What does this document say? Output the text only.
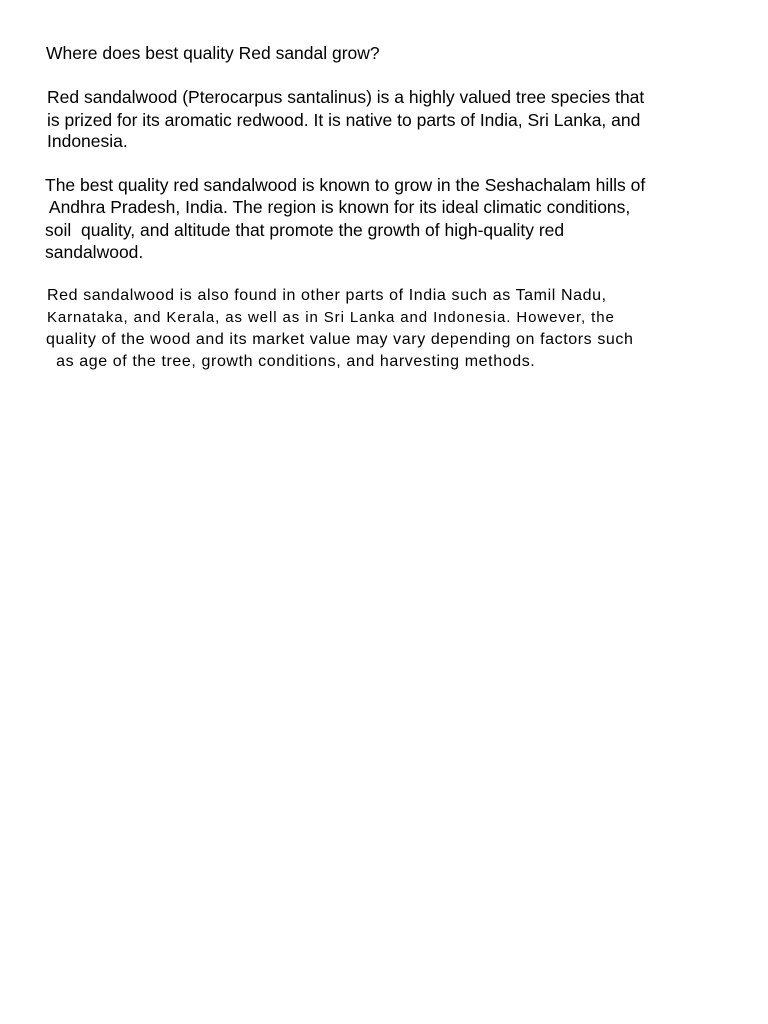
Where does best quality Red sandal grow?
Red sandalwood (Pterocarpus santalinus) is a highly valued tree species that
is prized for its aromatic redwood. It is native to parts of India, Sri Lanka, and
Indonesia.
The best quality red sandalwood is known to grow in the Seshachalam hills of
Andhra Pradesh, India. The region is known for its ideal climatic conditions,
soil  quality, and altitude that promote the growth of high-quality red
sandalwood.
Red sandalwood is also found in other parts of India such as Tamil Nadu,
Karnataka, and Kerala, as well as in Sri Lanka and Indonesia. However, the
quality of the wood and its market value may vary depending on factors such
as age of the tree, growth conditions, and harvesting methods.
